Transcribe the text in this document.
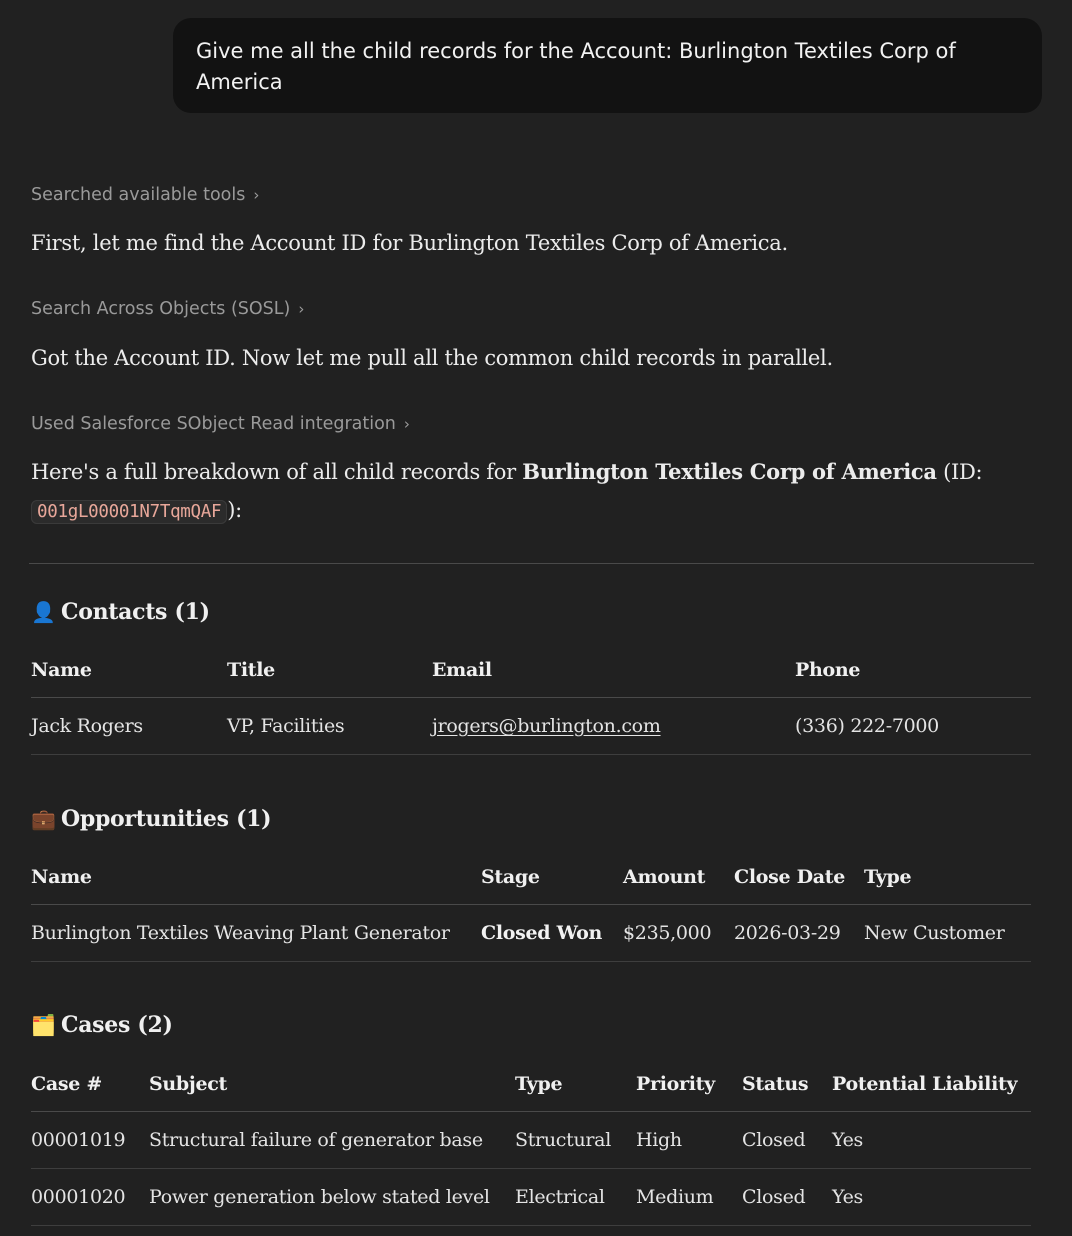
Give me all the child records for the Account: Burlington Textiles Corp of America
Searched available tools ›
First, let me find the Account ID for Burlington Textiles Corp of America.
Search Across Objects (SOSL) ›
Got the Account ID. Now let me pull all the common child records in parallel.
Used Salesforce SObject Read integration ›
Here's a full breakdown of all child records for Burlington Textiles Corp of America (ID:
001gL00001N7TqmQAF ):
👤 Contacts (1)
Name	Title	Email	Phone
Jack Rogers	VP, Facilities	jrogers@burlington.com	(336) 222-7000
💼 Opportunities (1)
Name	Stage	Amount	Close Date	Type
Burlington Textiles Weaving Plant Generator	Closed Won	$235,000	2026-03-29	New Customer
🗂️ Cases (2)
Case #	Subject	Type	Priority	Status	Potential Liability
00001019	Structural failure of generator base	Structural	High	Closed	Yes
00001020	Power generation below stated level	Electrical	Medium	Closed	Yes
